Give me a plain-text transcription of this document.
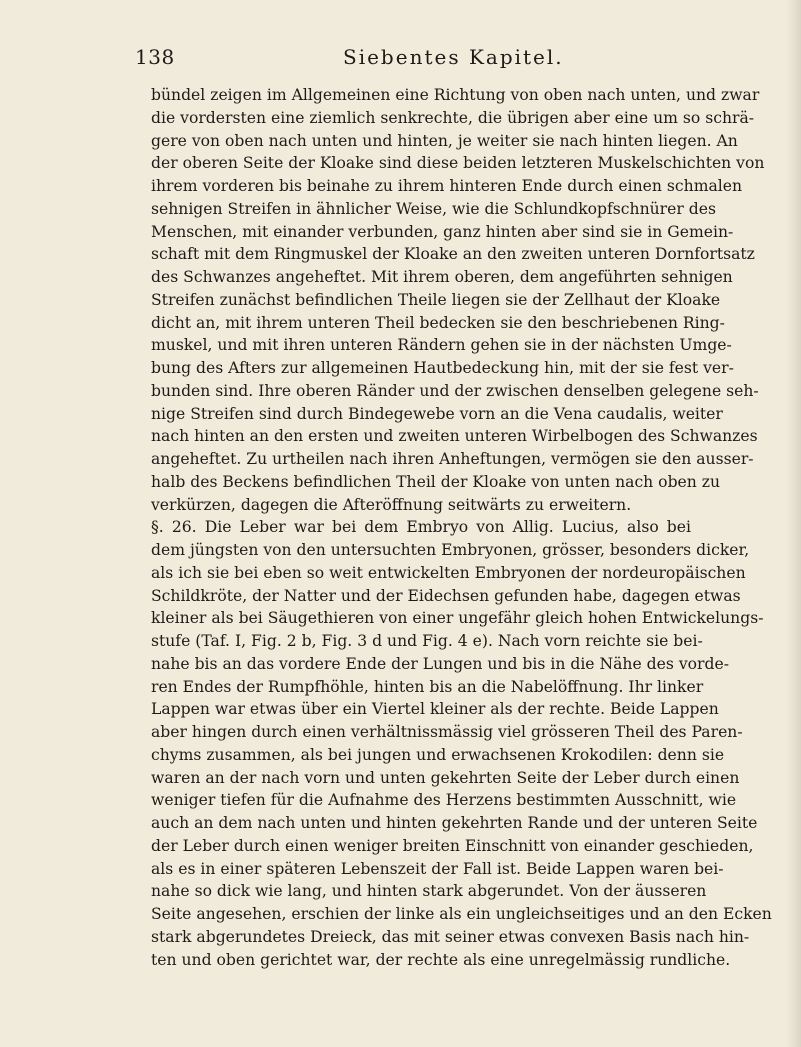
138	Siebentes Kapitel.
bündel zeigen im Allgemeinen eine Richtung von oben nach unten, und zwar
die vordersten eine ziemlich senkrechte, die übrigen aber eine um so schrä-
gere von oben nach unten und hinten, je weiter sie nach hinten liegen. An
der oberen Seite der Kloake sind diese beiden letzteren Muskelschichten von
ihrem vorderen bis beinahe zu ihrem hinteren Ende durch einen schmalen
sehnigen Streifen in ähnlicher Weise, wie die Schlundkopfschnürer des
Menschen, mit einander verbunden, ganz hinten aber sind sie in Gemein-
schaft mit dem Ringmuskel der Kloake an den zweiten unteren Dornfortsatz
des Schwanzes angeheftet. Mit ihrem oberen, dem angeführten sehnigen
Streifen zunächst befindlichen Theile liegen sie der Zellhaut der Kloake
dicht an, mit ihrem unteren Theil bedecken sie den beschriebenen Ring-
muskel, und mit ihren unteren Rändern gehen sie in der nächsten Umge-
bung des Afters zur allgemeinen Hautbedeckung hin, mit der sie fest ver-
bunden sind. Ihre oberen Ränder und der zwischen denselben gelegene seh-
nige Streifen sind durch Bindegewebe vorn an die Vena caudalis, weiter
nach hinten an den ersten und zweiten unteren Wirbelbogen des Schwanzes
angeheftet. Zu urtheilen nach ihren Anheftungen, vermögen sie den ausser-
halb des Beckens befindlichen Theil der Kloake von unten nach oben zu
verkürzen, dagegen die Afteröffnung seitwärts zu erweitern.
§. 26. Die Leber war bei dem Embryo von Allig. Lucius, also bei
dem jüngsten von den untersuchten Embryonen, grösser, besonders dicker,
als ich sie bei eben so weit entwickelten Embryonen der nordeuropäischen
Schildkröte, der Natter und der Eidechsen gefunden habe, dagegen etwas
kleiner als bei Säugethieren von einer ungefähr gleich hohen Entwickelungs-
stufe (Taf. I, Fig. 2 b, Fig. 3 d und Fig. 4 e). Nach vorn reichte sie bei-
nahe bis an das vordere Ende der Lungen und bis in die Nähe des vorde-
ren Endes der Rumpfhöhle, hinten bis an die Nabelöffnung. Ihr linker
Lappen war etwas über ein Viertel kleiner als der rechte. Beide Lappen
aber hingen durch einen verhältnissmässig viel grösseren Theil des Paren-
chyms zusammen, als bei jungen und erwachsenen Krokodilen: denn sie
waren an der nach vorn und unten gekehrten Seite der Leber durch einen
weniger tiefen für die Aufnahme des Herzens bestimmten Ausschnitt, wie
auch an dem nach unten und hinten gekehrten Rande und der unteren Seite
der Leber durch einen weniger breiten Einschnitt von einander geschieden,
als es in einer späteren Lebenszeit der Fall ist. Beide Lappen waren bei-
nahe so dick wie lang, und hinten stark abgerundet. Von der äusseren
Seite angesehen, erschien der linke als ein ungleichseitiges und an den Ecken
stark abgerundetes Dreieck, das mit seiner etwas convexen Basis nach hin-
ten und oben gerichtet war, der rechte als eine unregelmässig rundliche.
